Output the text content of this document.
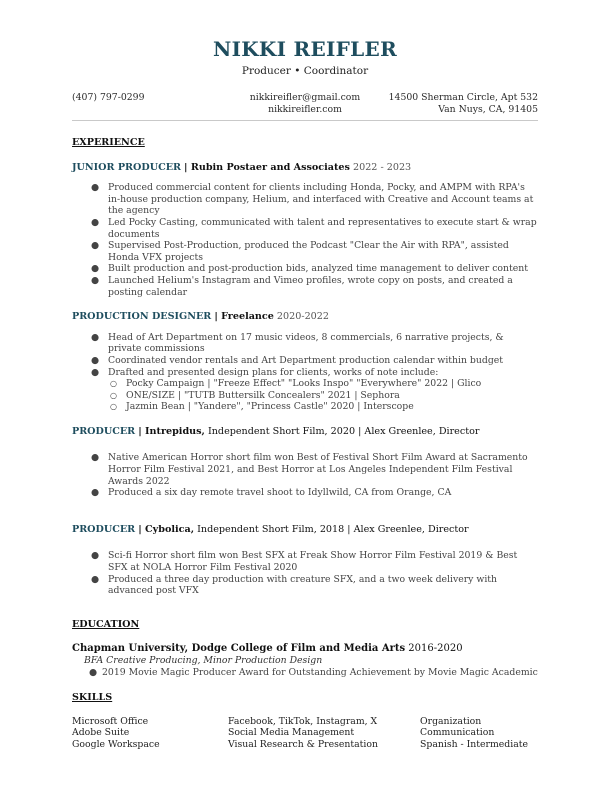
NIKKI REIFLER
Producer • Coordinator
(407) 797-0299	nikkireifler@gmail.com
nikkireifler.com
14500 Sherman Circle, Apt 532
Van Nuys, CA, 91405
EXPERIENCE
JUNIOR PRODUCER | Rubin Postaer and Associates 2022 - 2023
● Produced commercial content for clients including Honda, Pocky, and AMPM with RPA's in-house production company, Helium, and interfaced with Creative and Account teams at the agency
● Led Pocky Casting, communicated with talent and representatives to execute start & wrap documents
● Supervised Post-Production, produced the Podcast "Clear the Air with RPA", assisted Honda VFX projects
● Built production and post-production bids, analyzed time management to deliver content
● Launched Helium's Instagram and Vimeo profiles, wrote copy on posts, and created a posting calendar
PRODUCTION DESIGNER | Freelance 2020-2022
● Head of Art Department on 17 music videos, 8 commercials, 6 narrative projects, & private commissions
● Coordinated vendor rentals and Art Department production calendar within budget
● Drafted and presented design plans for clients, works of note include:
○ Pocky Campaign | "Freeze Effect" "Looks Inspo" "Everywhere" 2022 | Glico
○ ONE/SIZE | "TUTB Buttersilk Concealers" 2021 | Sephora
○ Jazmin Bean | "Yandere", "Princess Castle" 2020 | Interscope
PRODUCER | Intrepidus, Independent Short Film, 2020 | Alex Greenlee, Director
● Native American Horror short film won Best of Festival Short Film Award at Sacramento Horror Film Festival 2021, and Best Horror at Los Angeles Independent Film Festival Awards 2022
● Produced a six day remote travel shoot to Idyllwild, CA from Orange, CA
PRODUCER | Cybolica, Independent Short Film, 2018 | Alex Greenlee, Director
● Sci-fi Horror short film won Best SFX at Freak Show Horror Film Festival 2019 & Best SFX at NOLA Horror Film Festival 2020
● Produced a three day production with creature SFX, and a two week delivery with advanced post VFX
EDUCATION
Chapman University, Dodge College of Film and Media Arts 2016-2020
BFA Creative Producing, Minor Production Design
● 2019 Movie Magic Producer Award for Outstanding Achievement by Movie Magic Academic
SKILLS
Microsoft Office
Adobe Suite
Google Workspace
Facebook, TikTok, Instagram, X
Social Media Management
Visual Research & Presentation
Organization
Communication
Spanish - Intermediate
